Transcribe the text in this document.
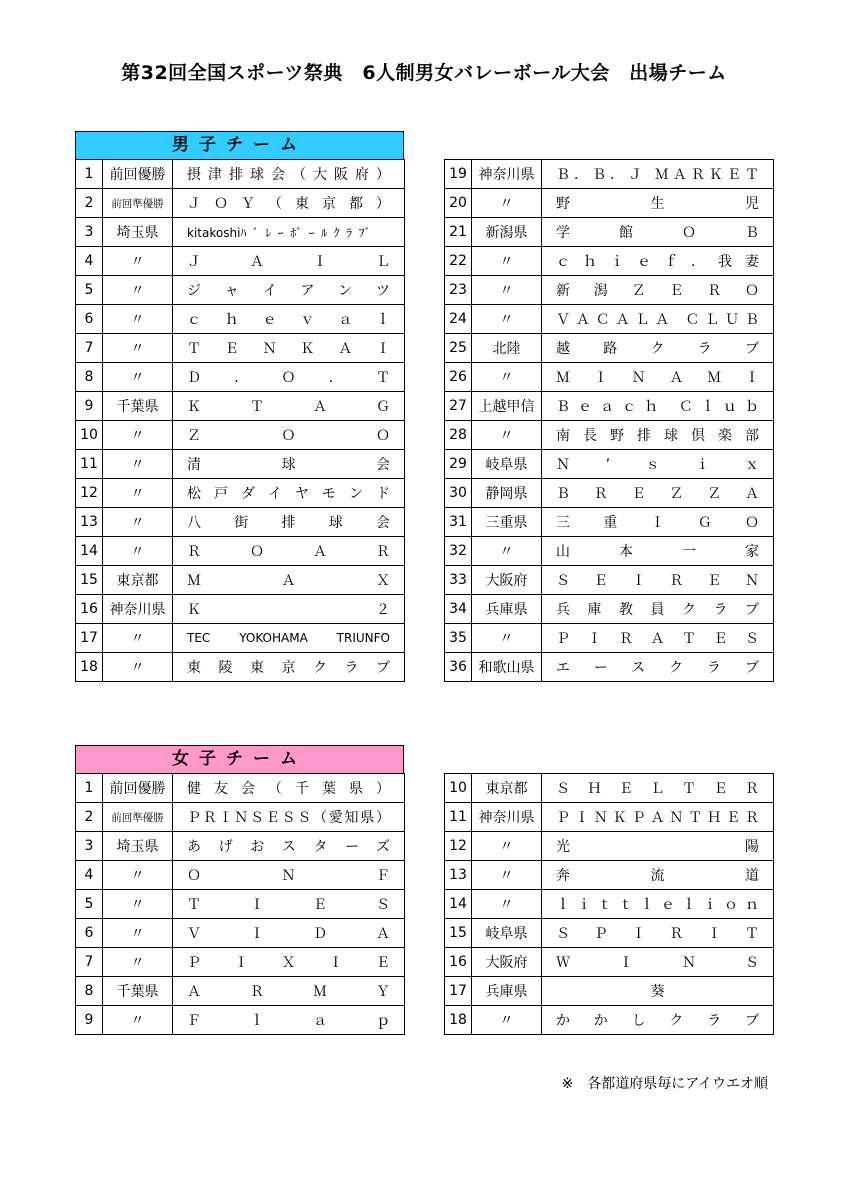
第32回全国スポーツ祭典　6人制男女バレーボール大会　出場チーム
男子チーム
1	前回優勝	摂津排球会（大阪府）

2	前回準優勝	ＪＯＹ（東京都）

3	埼玉県	kitakoshiﾊﾞﾚｰﾎﾞｰﾙｸﾗﾌﾞ

4	〃	ＪＡＩＬ

5	〃	ジャイアンツ

6	〃	ｃｈｅｖａｌ

7	〃	ＴＥＮＫＡＩ

8	〃	Ｄ．Ｏ．Ｔ

9	千葉県	ＫＴＡＧ

10	〃	ＺＯＯ

11	〃	清球会

12	〃	松戸ダイヤモンド

13	〃	八街排球会

14	〃	ＲＯＡＲ

15	東京都	ＭＡＸ

16	神奈川県	Ｋ２

17	〃	TEC YOKOHAMA TRIUNFO

18	〃	東陵東京クラブ
19	神奈川県	Ｂ．Ｂ．Ｊ ＭＡＲＫＥＴ

20	〃	野生児

21	新潟県	学館ＯＢ

22	〃	ｃｈｉｅｆ．我妻

23	〃	新潟ＺＥＲＯ

24	〃	ＶＡＣＡＬＡ ＣＬＵＢ

25	北陸	越路クラブ

26	〃	ＭＩＮＡＭＩ

27	上越甲信	Ｂｅａｃｈ Ｃｌｕｂ

28	〃	南長野排球倶楽部

29	岐阜県	Ｎ’ｓｉｘ

30	静岡県	ＢＲＥＺＺＡ

31	三重県	三重ＩＧＯ

32	〃	山本一家

33	大阪府	ＳＥＩＲＥＮ

34	兵庫県	兵庫教員クラブ

35	〃	ＰＩＲＡＴＥＳ

36	和歌山県	エースクラブ
女子チーム
1	前回優勝	健友会（千葉県）

2	前回準優勝	ＰＲＩＮＳＥＳＳ（愛知県）

3	埼玉県	あげおスターズ

4	〃	ＯＮＦ

5	〃	ＴＩＥＳ

6	〃	ＶＩＤＡ

7	〃	ＰＩＸＩＥ

8	千葉県	ＡＲＭＹ

9	〃	Ｆｌａｐ
10	東京都	ＳＨＥＬＴＥＲ

11	神奈川県	ＰＩＮＫＰＡＮＴＨＥＲ

12	〃	光陽

13	〃	奔流道

14	〃	ｌｉｔｔｌｅｌｉｏｎ

15	岐阜県	ＳＰＩＲＩＴ

16	大阪府	ＷＩＮＳ

17	兵庫県	葵

18	〃	かかしクラブ
※　各都道府県毎にアイウエオ順
